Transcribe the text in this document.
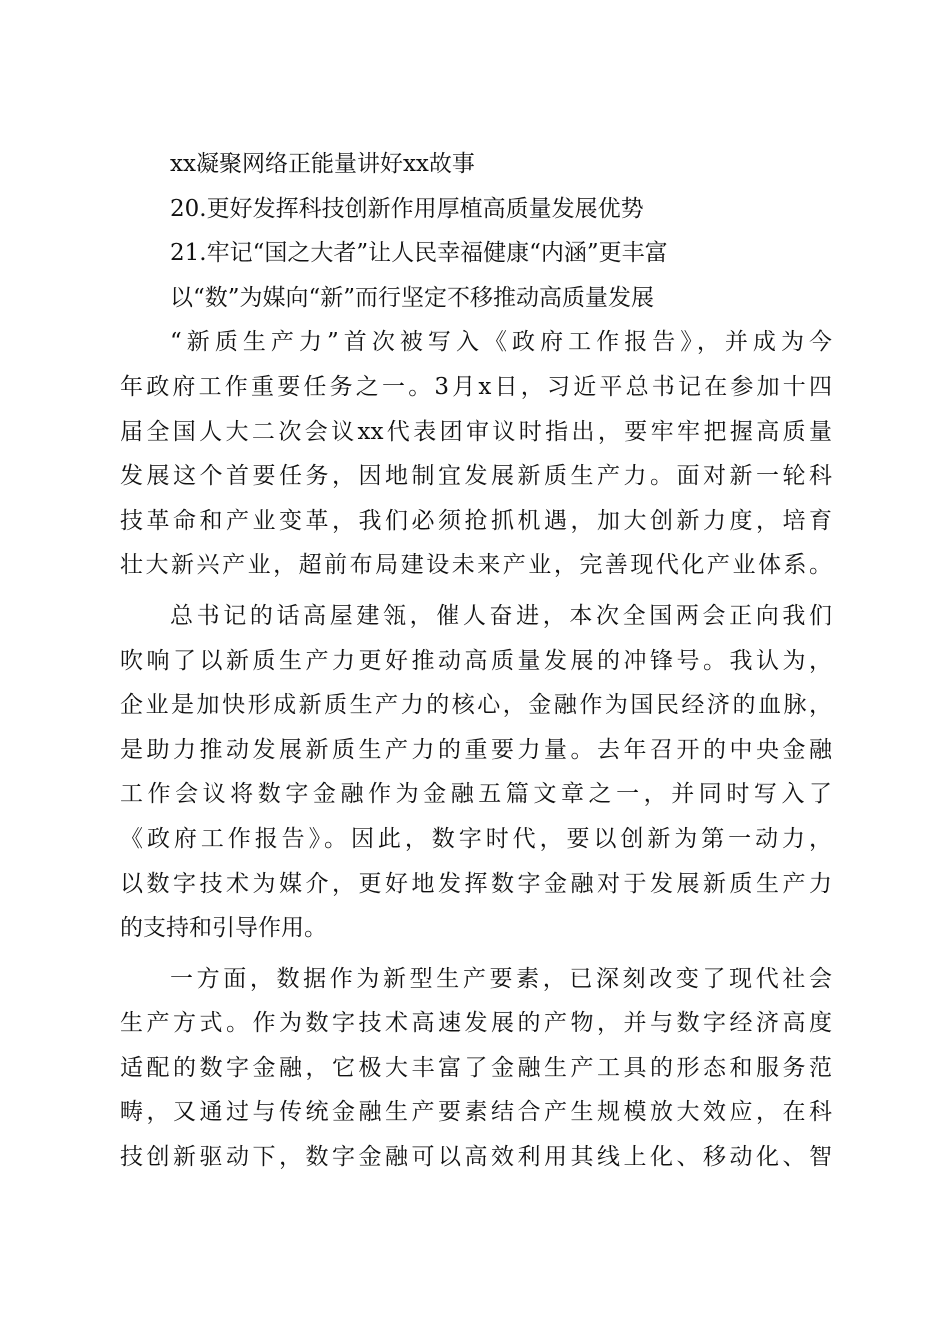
xx凝聚网络正能量讲好xx故事
20.更好发挥科技创新作用厚植高质量发展优势
21.牢记“国之大者”让人民幸福健康“内涵”更丰富
以“数”为媒向“新”而行坚定不移推动高质量发展
“新质生产力”首次被写入《政府工作报告》，并成为今
年政府工作重要任务之一。3月x日，习近平总书记在参加十四
届全国人大二次会议xx代表团审议时指出，要牢牢把握高质量
发展这个首要任务，因地制宜发展新质生产力。面对新一轮科
技革命和产业变革，我们必须抢抓机遇，加大创新力度，培育
壮大新兴产业，超前布局建设未来产业，完善现代化产业体系。
总书记的话高屋建瓴，催人奋进，本次全国两会正向我们
吹响了以新质生产力更好推动高质量发展的冲锋号。我认为，
企业是加快形成新质生产力的核心，金融作为国民经济的血脉，
是助力推动发展新质生产力的重要力量。去年召开的中央金融
工作会议将数字金融作为金融五篇文章之一，并同时写入了
《政府工作报告》。因此，数字时代，要以创新为第一动力，
以数字技术为媒介，更好地发挥数字金融对于发展新质生产力
的支持和引导作用。
一方面，数据作为新型生产要素，已深刻改变了现代社会
生产方式。作为数字技术高速发展的产物，并与数字经济高度
适配的数字金融，它极大丰富了金融生产工具的形态和服务范
畴，又通过与传统金融生产要素结合产生规模放大效应，在科
技创新驱动下，数字金融可以高效利用其线上化、移动化、智
